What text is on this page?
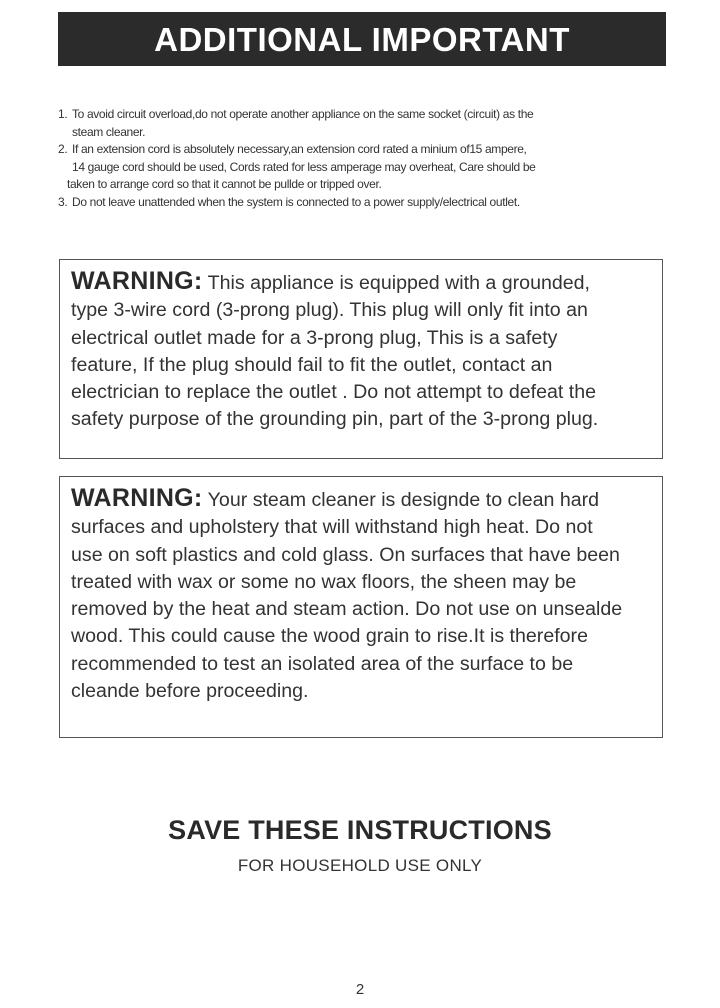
ADDITIONAL IMPORTANT
1. To avoid circuit overload,do not operate another appliance on the same socket (circuit) as the
steam cleaner.
2. If an extension cord is absolutely necessary,an extension cord rated a minium of15 ampere,
14 gauge cord should be used, Cords rated for less amperage may overheat, Care should be
taken to arrange cord so that it cannot be pullde or tripped over.
3. Do not leave unattended when the system is connected to a power supply/electrical outlet.
WARNING: This appliance is equipped with a grounded,
type 3-wire cord (3-prong plug). This plug will only fit into an
electrical outlet made for a 3-prong plug, This is a safety
feature, If the plug should fail to fit the outlet, contact an
electrician to replace the outlet . Do not attempt to defeat the
safety purpose of the grounding pin, part of the 3-prong plug.
WARNING: Your steam cleaner is designde to clean hard
surfaces and upholstery that will withstand high heat. Do not
use on soft plastics and cold glass. On surfaces that have been
treated with wax or some no wax floors, the sheen may be
removed by the heat and steam action. Do not use on unsealde
wood. This could cause the wood grain to rise.It is therefore
recommended to test an isolated area of the surface to be
cleande before proceeding.
SAVE THESE INSTRUCTIONS
FOR HOUSEHOLD USE ONLY
2
